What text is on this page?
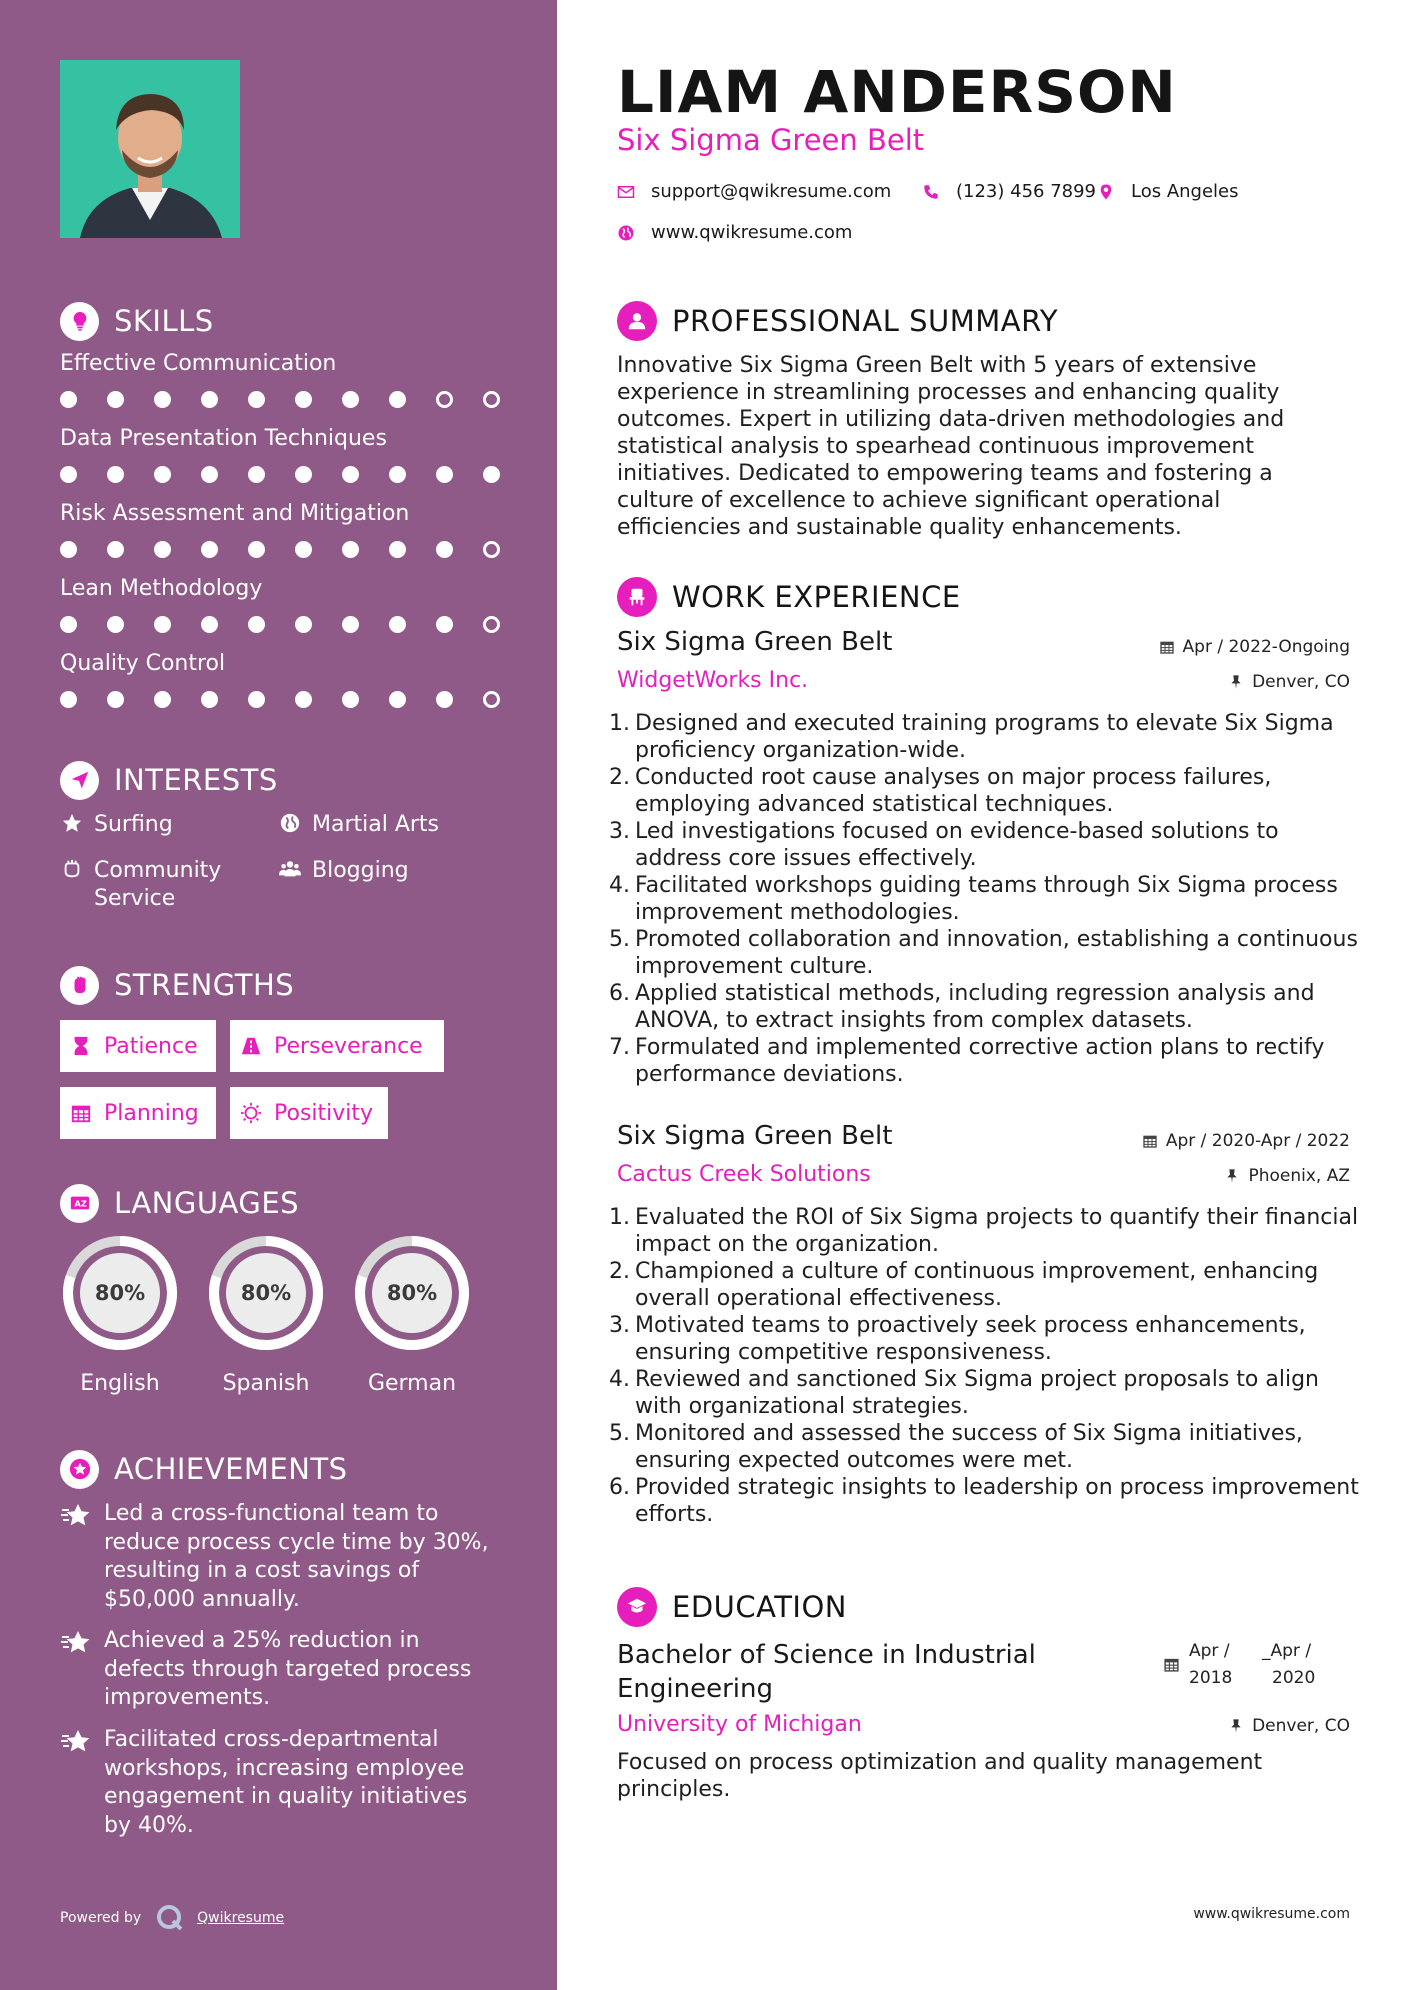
SKILLS
Effective Communication
Data Presentation Techniques
Risk Assessment and Mitigation
Lean Methodology
Quality Control
INTERESTS
Surfing	Martial Arts
Community Service
Blogging
STRENGTHS
Patience	Perseverance
Planning	Positivity
A Z LANGUAGES
80%
English
80%
Spanish
80%
German
ACHIEVEMENTS
Led a cross-functional team to reduce process cycle time by 30%, resulting in a cost savings of $50,000 annually.
Achieved a 25% reduction in defects through targeted process improvements.
Facilitated cross-departmental workshops, increasing employee engagement in quality initiatives by 40%.
Powered by	Qwikresume
LIAM ANDERSON
Six Sigma Green Belt
support@qwikresume.com	(123) 456 7899 Los Angeles
www.qwikresume.com
PROFESSIONAL SUMMARY
Innovative Six Sigma Green Belt with 5 years of extensive experience in streamlining processes and enhancing quality outcomes. Expert in utilizing data-driven methodologies and statistical analysis to spearhead continuous improvement initiatives. Dedicated to empowering teams and fostering a culture of excellence to achieve significant operational efficiencies and sustainable quality enhancements.
WORK EXPERIENCE
Six Sigma Green Belt	Apr / 2022-Ongoing
WidgetWorks Inc.	Denver, CO
1. Designed and executed training programs to elevate Six Sigma proficiency organization-wide.
2. Conducted root cause analyses on major process failures, employing advanced statistical techniques.
3. Led investigations focused on evidence-based solutions to address core issues effectively.
4. Facilitated workshops guiding teams through Six Sigma process improvement methodologies.
5. Promoted collaboration and innovation, establishing a continuous improvement culture.
6. Applied statistical methods, including regression analysis and ANOVA, to extract insights from complex datasets.
7. Formulated and implemented corrective action plans to rectify performance deviations.
Six Sigma Green Belt	Apr / 2020-Apr / 2022
Cactus Creek Solutions	Phoenix, AZ
1. Evaluated the ROI of Six Sigma projects to quantify their financial impact on the organization.
2. Championed a culture of continuous improvement, enhancing overall operational effectiveness.
3. Motivated teams to proactively seek process enhancements, ensuring competitive responsiveness.
4. Reviewed and sanctioned Six Sigma project proposals to align with organizational strategies.
5. Monitored and assessed the success of Six Sigma initiatives, ensuring expected outcomes were met.
6. Provided strategic insights to leadership on process improvement efforts.
EDUCATION
Bachelor of Science in Industrial Engineering
Apr /
2018
_Apr /
2020
University of Michigan	Denver, CO
Focused on process optimization and quality management principles.
www.qwikresume.com
